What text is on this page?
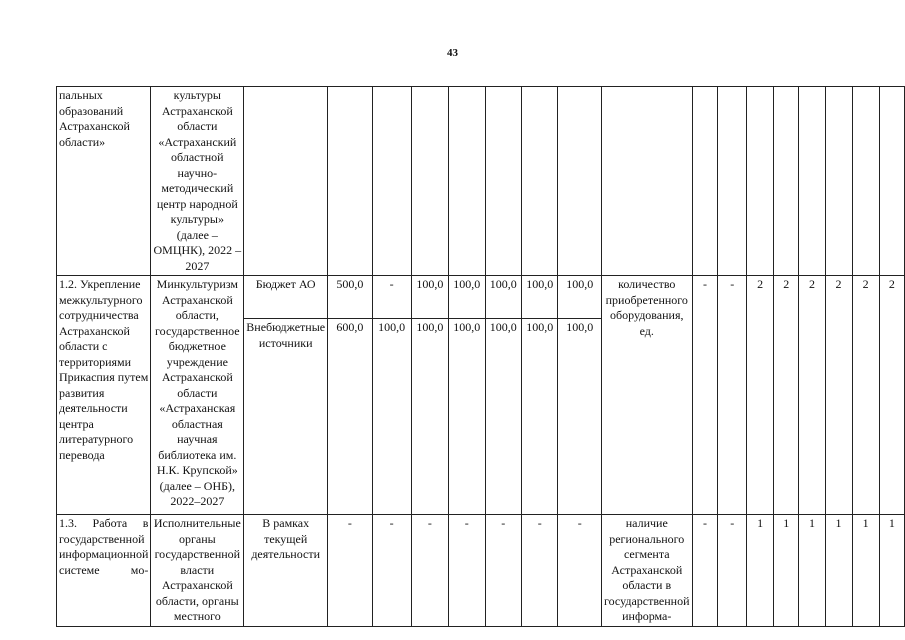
43
пальных образований Астраханской области»	культуры Астраханской области «Астраханский областной научно-методический центр народной культуры» (далее – ОМЦНК), 2022 – 2027																	
1.2. Укрепление межкультурного сотрудничества Астраханской области с территориями Прикаспия путем развития деятельности центра литературного перевода	Минкультуризм Астраханской области, государственное бюджетное учреждение Астраханской области «Астраханская областная научная библиотека им. Н.К. Крупской» (далее – ОНБ), 2022–2027	Бюджет АО	500,0	-	100,0	100,0	100,0	100,0	100,0	количество приобретенного оборудования, ед.	-	-	2	2	2	2	2	2
		Внебюджетные источники	600,0	100,0	100,0	100,0	100,0	100,0	100,0									
1.3. Работа в государственной информационной системе мо-	Исполнительные органы государственной власти Астраханской области, органы местного	В рамках текущей деятельности	-	-	-	-	-	-	-	наличие регионального сегмента Астраханской области в государственной информа-	-	-	1	1	1	1	1	1
